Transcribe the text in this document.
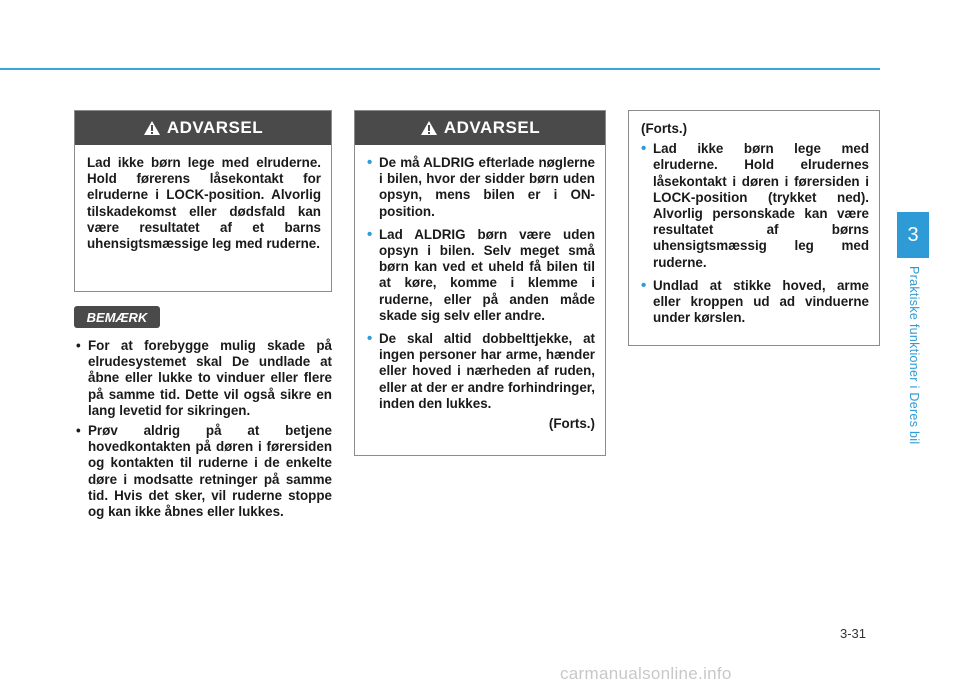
ADVARSEL

Lad ikke børn lege med elruderne. Hold førerens låsekontakt for elruderne i LOCK-position. Alvorlig tilskadekomst eller dødsfald kan være resultatet af et barns uhensigtsmæssige leg med ruderne.

BEMÆRK
• For at forebygge mulig skade på elrudesystemet skal De undlade at åbne eller lukke to vinduer eller flere på samme tid. Dette vil også sikre en lang levetid for sikringen.
• Prøv aldrig på at betjene hovedkontakten på døren i førersiden og kontakten til ruderne i de enkelte døre i modsatte retninger på samme tid. Hvis det sker, vil ruderne stoppe og kan ikke åbnes eller lukkes.
ADVARSEL
• De må ALDRIG efterlade nøglerne i bilen, hvor der sidder børn uden opsyn, mens bilen er i ON-position.
• Lad ALDRIG børn være uden opsyn i bilen. Selv meget små børn kan ved et uheld få bilen til at køre, komme i klemme i ruderne, eller på anden måde skade sig selv eller andre.
• De skal altid dobbelttjekke, at ingen personer har arme, hænder eller hoved i nærheden af ruden, eller at der er andre forhindringer, inden den lukkes.
(Forts.)

(Forts.)

• Lad ikke børn lege med elruderne. Hold elrudernes låsekontakt i døren i førersiden i LOCK-position (trykket ned). Alvorlig personskade kan være resultatet af børns uhensigtsmæssig leg med ruderne.
• Undlad at stikke hoved, arme eller kroppen ud ad vinduerne under kørslen.
3
Praktiske funktioner i Deres bil
3-31
carmanualsonline.info
